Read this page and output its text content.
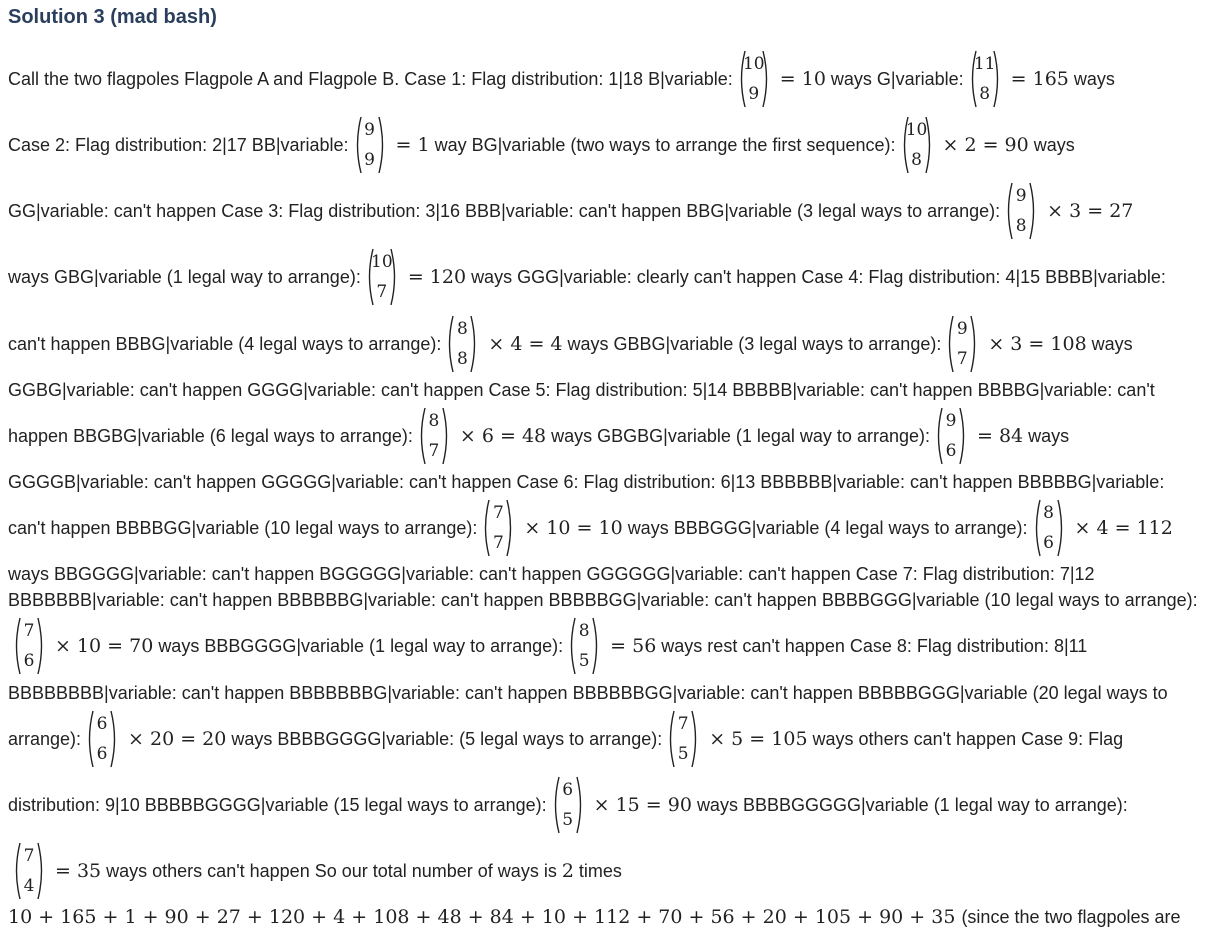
Solution 3 (mad bash)
Call the two flagpoles Flagpole A and Flagpole B. Case 1: Flag distribution: 1|18 B|variable:
10
9
= 10 ways G|variable:
11
8
= 165 ways
Case 2: Flag distribution: 2|17 BB|variable:
9
9
= 1 way BG|variable (two ways to arrange the first sequence):
10
8
× 2 = 90 ways
GG|variable: can't happen Case 3: Flag distribution: 3|16 BBB|variable: can't happen BBG|variable (3 legal ways to arrange):
9
8
× 3 = 27
ways GBG|variable (1 legal way to arrange):
10
7
= 120 ways GGG|variable: clearly can't happen Case 4: Flag distribution: 4|15 BBBB|variable:
can't happen BBBG|variable (4 legal ways to arrange):
8
8
× 4 = 4 ways GBBG|variable (3 legal ways to arrange):
9
7
× 3 = 108 ways
GGBG|variable: can't happen GGGG|variable: can't happen Case 5: Flag distribution: 5|14 BBBBB|variable: can't happen BBBBG|variable: can't
happen BBGBG|variable (6 legal ways to arrange):
8
7
× 6 = 48 ways GBGBG|variable (1 legal way to arrange):
9
6
= 84 ways
GGGGB|variable: can't happen GGGGG|variable: can't happen Case 6: Flag distribution: 6|13 BBBBBB|variable: can't happen BBBBBG|variable:
can't happen BBBBGG|variable (10 legal ways to arrange):
7
7
× 10 = 10 ways BBBGGG|variable (4 legal ways to arrange):
8
6
× 4 = 112
ways BBGGGG|variable: can't happen BGGGGG|variable: can't happen GGGGGG|variable: can't happen Case 7: Flag distribution: 7|12
BBBBBBB|variable: can't happen BBBBBBG|variable: can't happen BBBBBGG|variable: can't happen BBBBGGG|variable (10 legal ways to arrange):
7
6
× 10 = 70 ways BBBGGGG|variable (1 legal way to arrange):
8
5
= 56 ways rest can't happen Case 8: Flag distribution: 8|11
BBBBBBBB|variable: can't happen BBBBBBBG|variable: can't happen BBBBBBGG|variable: can't happen BBBBBGGG|variable (20 legal ways to
arrange):
6
6
× 20 = 20 ways BBBBGGGG|variable: (5 legal ways to arrange):
7
5
× 5 = 105 ways others can't happen Case 9: Flag
distribution: 9|10 BBBBBGGGG|variable (15 legal ways to arrange):
6
5
× 15 = 90 ways BBBBGGGGG|variable (1 legal way to arrange):
7
4
= 35 ways others can't happen So our total number of ways is 2 times
10 + 165 + 1 + 90 + 27 + 120 + 4 + 108 + 48 + 84 + 10 + 112 + 70 + 56 + 20 + 105 + 90 + 35 (since the two flagpoles are
